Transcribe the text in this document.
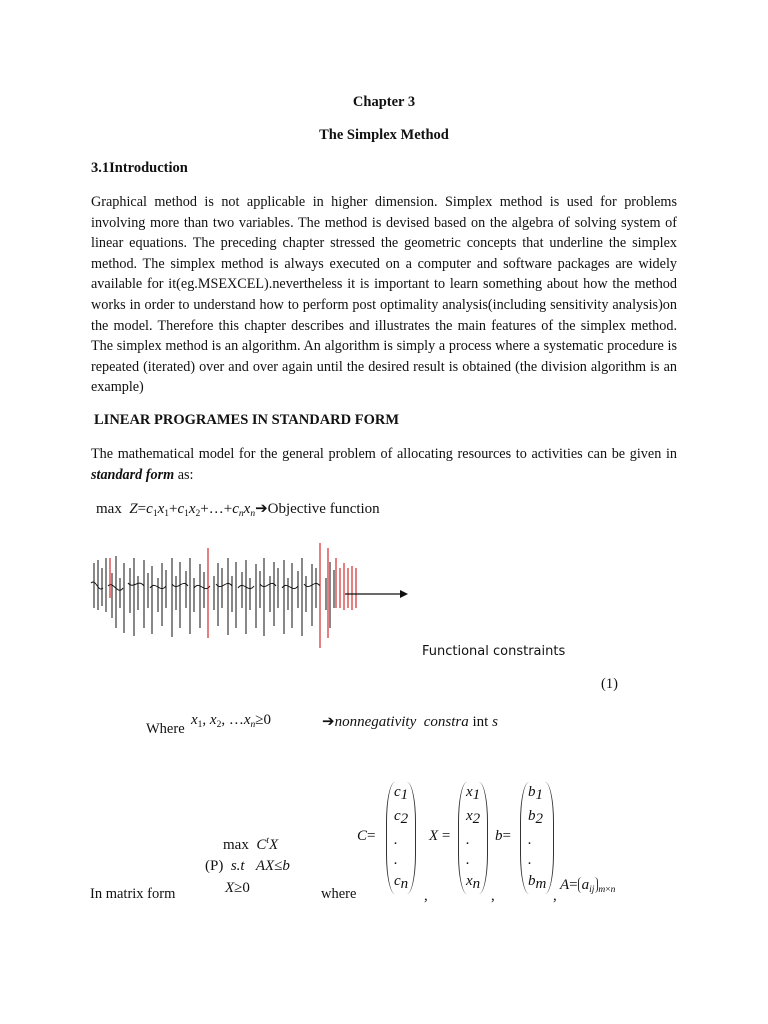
Chapter 3
The Simplex Method
3.1Introduction
Graphical method is not applicable in higher dimension. Simplex method is used for problems involving more than two variables. The method is devised based on the algebra of solving system of linear equations. The preceding chapter stressed the geometric concepts that underline the simplex method. The simplex method is always executed on a computer and software packages are widely available for it(eg.MSEXCEL).nevertheless it is important to learn something about how the method works in order to understand how to perform post optimality analysis(including sensitivity analysis)on the model. Therefore this chapter describes and illustrates the main features of the simplex method. The simplex method is an algorithm. An algorithm is simply a process where a systematic procedure is repeated (iterated) over and over again until the desired result is obtained (the division algorithm is an example)
LINEAR PROGRAMES IN STANDARD FORM
The mathematical model for the general problem of allocating resources to activities can be given in standard form as:
$\max Z=c_1x_1+c_1x_2+\dots+c_nx_n➔Objective$ function
Functional constraints
(1)
Where
$x_1$, $x_2$, $\dots x_n\ge 0$	➔nonnegativity constra int s
$\max C^tX$
(P) s.t AX≤b
X≥0
In matrix form	where
C=
c1
c2
.
.
cn
,
X =
x1
x2
.
.
xn
,
b=
b1
b2
.
.
bm
,
$A= a_{ij}$ $_{m\times n}$
